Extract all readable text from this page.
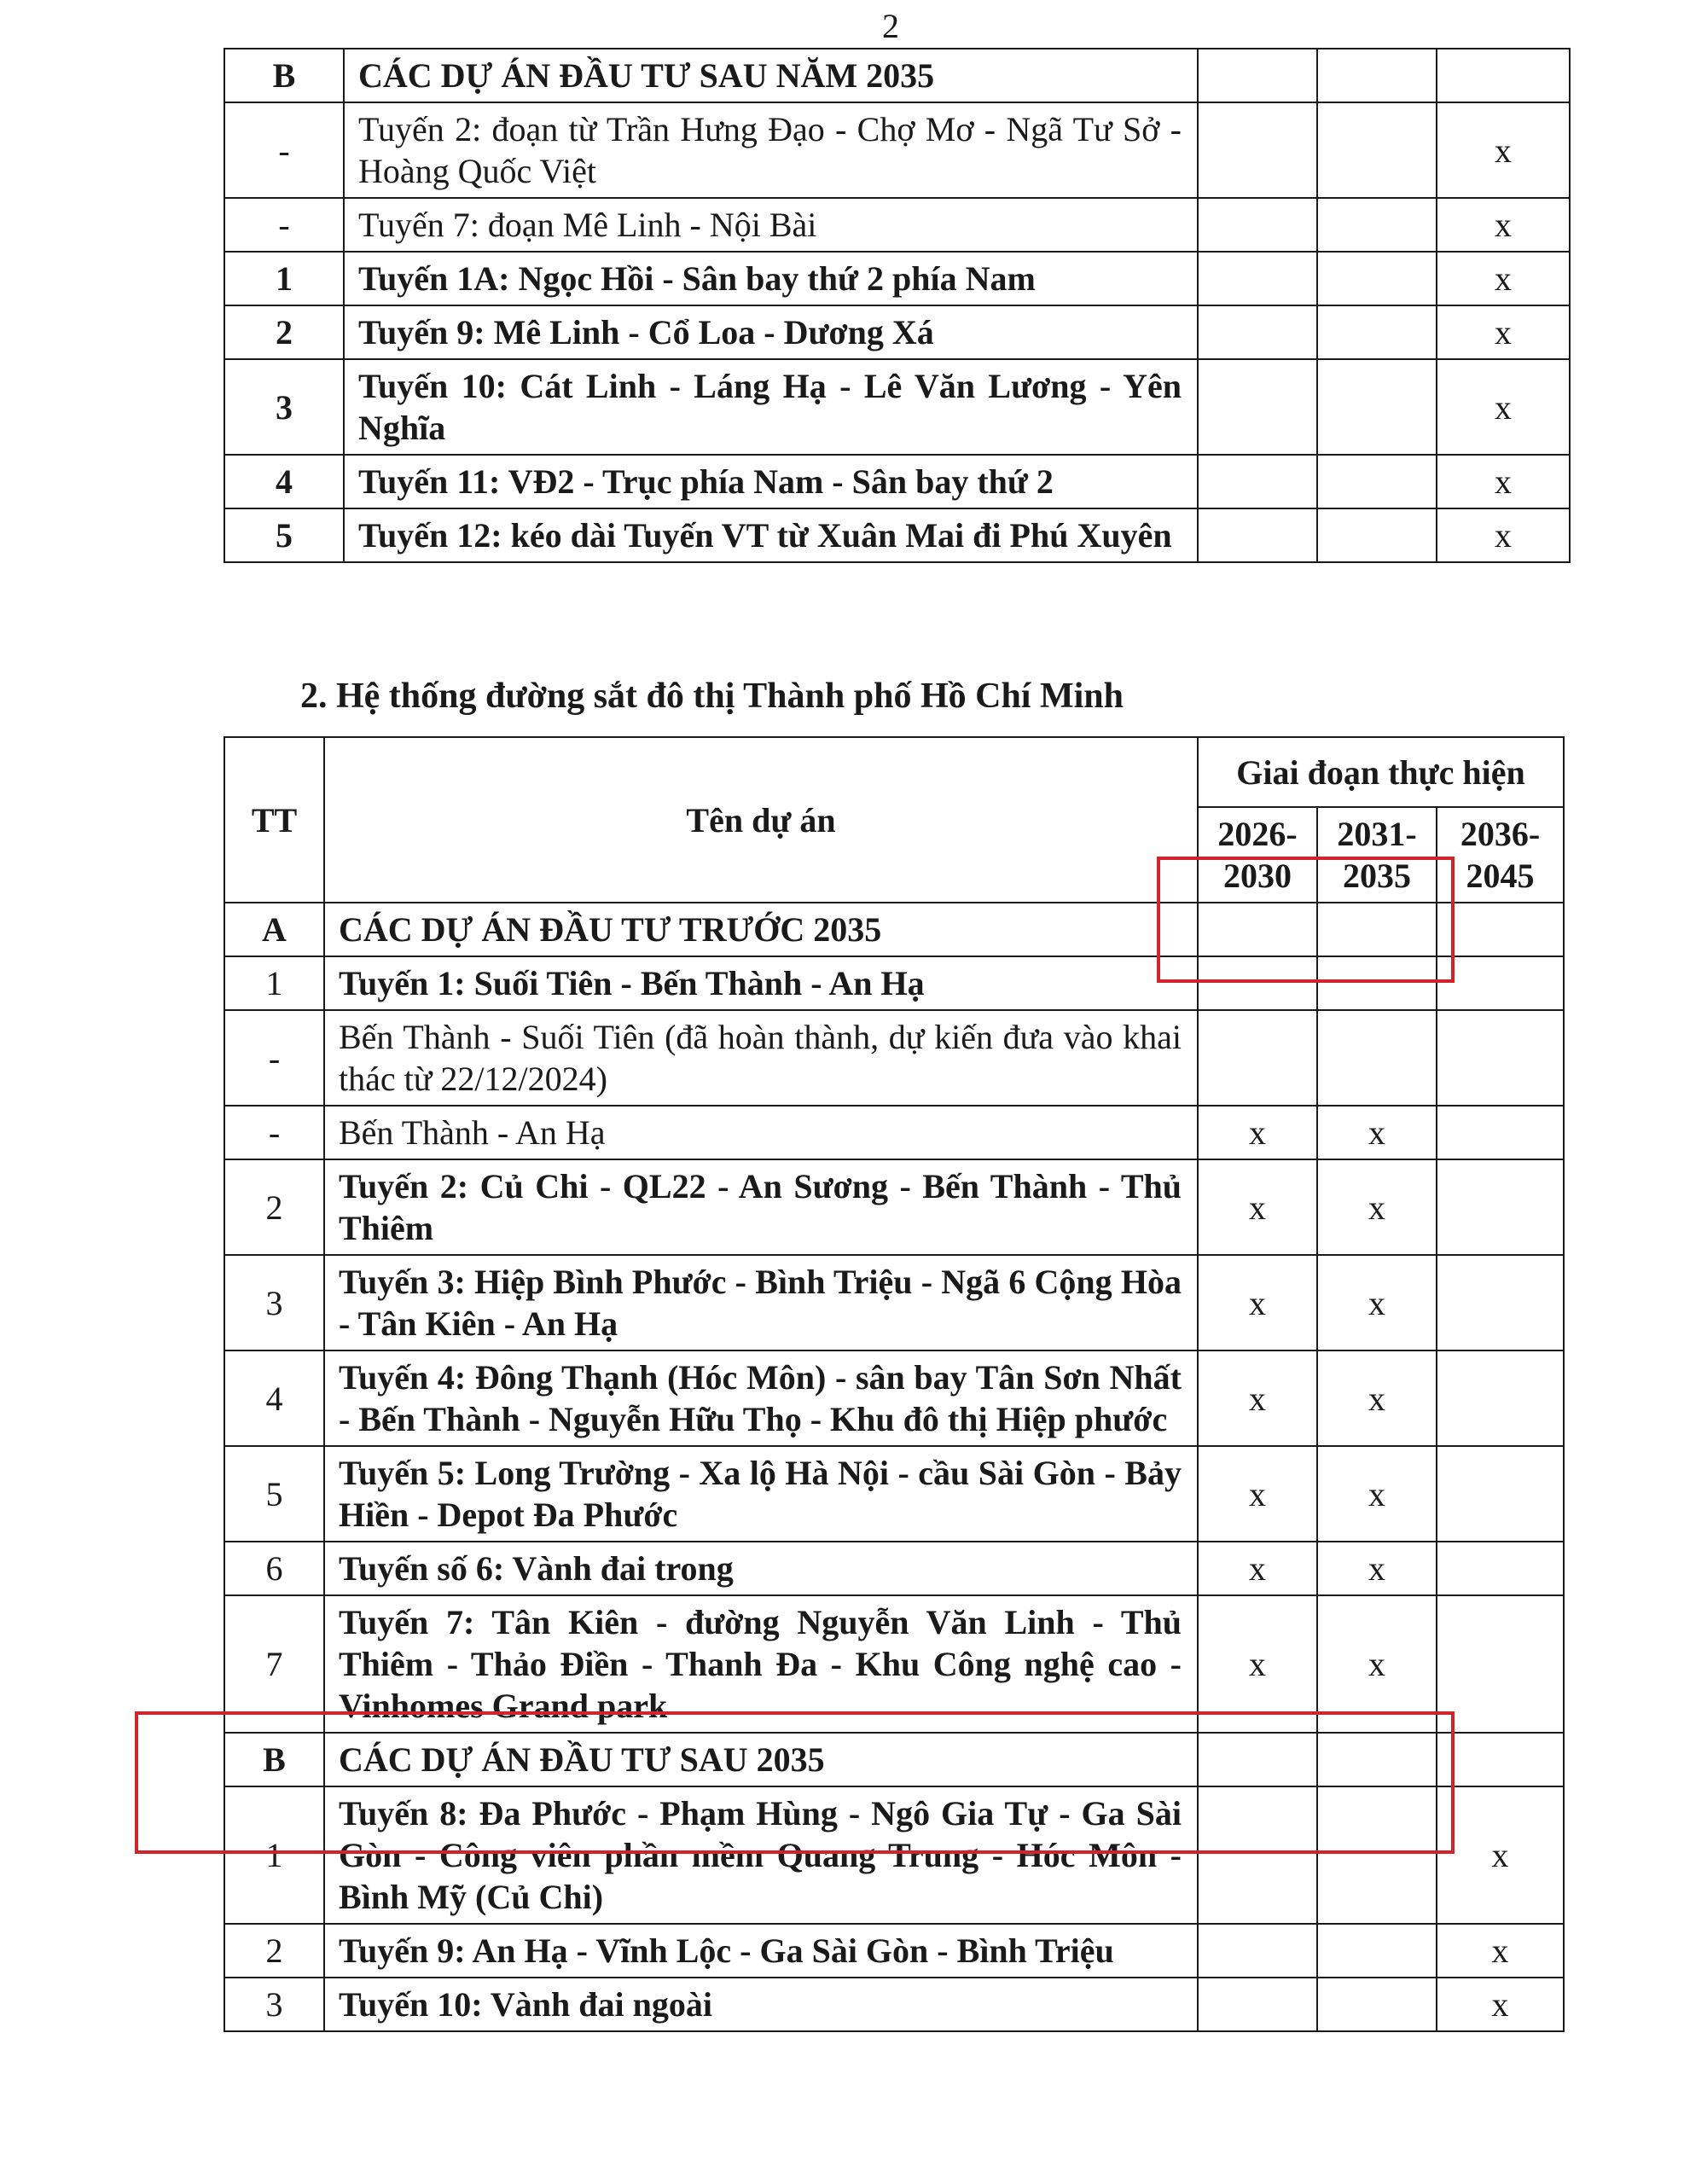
2
B	CÁC DỰ ÁN ĐẦU TƯ SAU NĂM 2035			
-	Tuyến 2: đoạn từ Trần Hưng Đạo - Chợ Mơ - Ngã Tư Sở - Hoàng Quốc Việt			x
-	Tuyến 7: đoạn Mê Linh - Nội Bài			x
1	Tuyến 1A: Ngọc Hồi - Sân bay thứ 2 phía Nam			x
2	Tuyến 9: Mê Linh - Cổ Loa - Dương Xá			x
3	Tuyến 10: Cát Linh - Láng Hạ - Lê Văn Lương - Yên Nghĩa			x
4	Tuyến 11: VĐ2 - Trục phía Nam - Sân bay thứ 2			x
5	Tuyến 12: kéo dài Tuyến VT từ Xuân Mai đi Phú Xuyên			x
2. Hệ thống đường sắt đô thị Thành phố Hồ Chí Minh
TT	Tên dự án	Giai đoạn thực hiện		
		2026-2030	2031-2035	2036-2045
A	CÁC DỰ ÁN ĐẦU TƯ TRƯỚC 2035			
1	Tuyến 1: Suối Tiên - Bến Thành - An Hạ			
-	Bến Thành - Suối Tiên (đã hoàn thành, dự kiến đưa vào khai thác từ 22/12/2024)			
-	Bến Thành - An Hạ	x	x	
2	Tuyến 2: Củ Chi - QL22 - An Sương - Bến Thành - Thủ Thiêm	x	x	
3	Tuyến 3: Hiệp Bình Phước - Bình Triệu - Ngã 6 Cộng Hòa - Tân Kiên - An Hạ	x	x	
4	Tuyến 4: Đông Thạnh (Hóc Môn) - sân bay Tân Sơn Nhất - Bến Thành - Nguyễn Hữu Thọ - Khu đô thị Hiệp phước	x	x	
5	Tuyến 5: Long Trường - Xa lộ Hà Nội - cầu Sài Gòn - Bảy Hiền - Depot Đa Phước	x	x	
6	Tuyến số 6: Vành đai trong	x	x	
7	Tuyến 7: Tân Kiên - đường Nguyễn Văn Linh - Thủ Thiêm - Thảo Điền - Thanh Đa - Khu Công nghệ cao - Vinhomes Grand park	x	x	
B	CÁC DỰ ÁN ĐẦU TƯ SAU 2035			
1	Tuyến 8: Đa Phước - Phạm Hùng - Ngô Gia Tự - Ga Sài Gòn - Công viên phần mềm Quang Trung - Hóc Môn - Bình Mỹ (Củ Chi)			x
2	Tuyến 9: An Hạ - Vĩnh Lộc - Ga Sài Gòn - Bình Triệu			x
3	Tuyến 10: Vành đai ngoài			x
